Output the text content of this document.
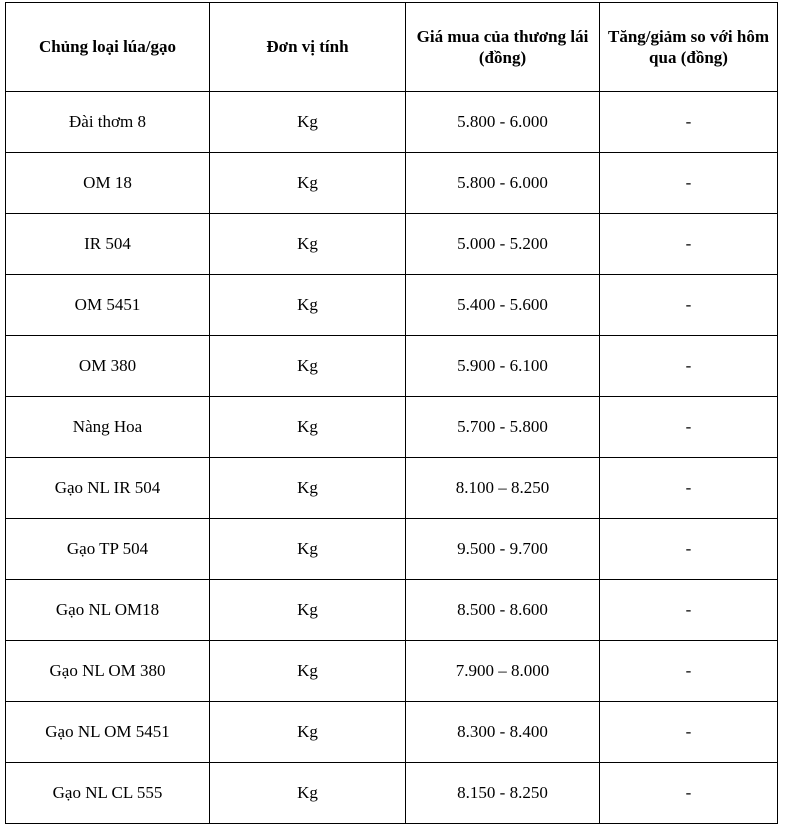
Chủng loại lúa/gạo	Đơn vị tính	Giá mua của thương lái (đồng)	Tăng/giảm so với hôm qua (đồng)
Đài thơm 8	Kg	5.800 - 6.000	-
OM 18	Kg	5.800 - 6.000	-
IR 504	Kg	5.000 - 5.200	-
OM 5451	Kg	5.400 - 5.600	-
OM 380	Kg	5.900 - 6.100	-
Nàng Hoa	Kg	5.700 - 5.800	-
Gạo NL IR 504	Kg	8.100 – 8.250	-
Gạo TP 504	Kg	9.500 - 9.700	-
Gạo NL OM18	Kg	8.500 - 8.600	-
Gạo NL OM 380	Kg	7.900 – 8.000	-
Gạo NL OM 5451	Kg	8.300 - 8.400	-
Gạo NL CL 555	Kg	8.150 - 8.250	-
